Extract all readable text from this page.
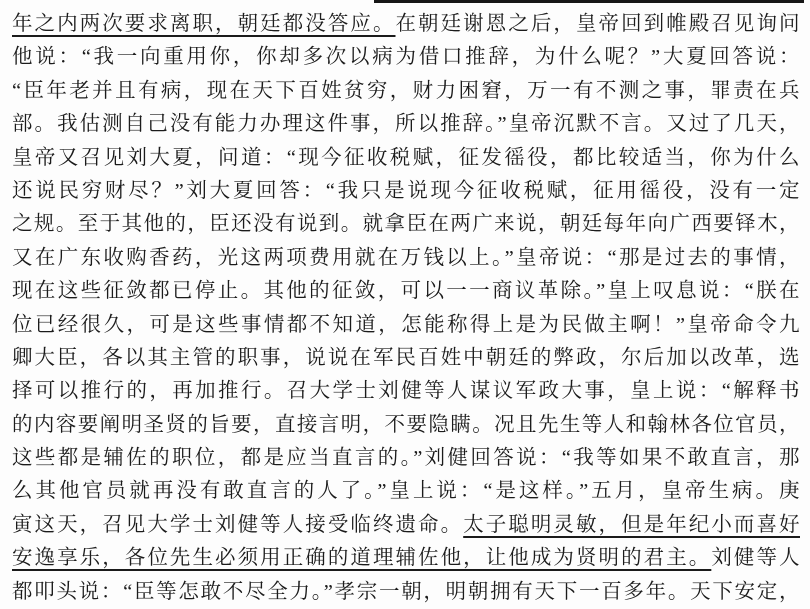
年之内两次要求离职，朝廷都没答应。在朝廷谢恩之后，皇帝回到帷殿召见询问
他说：“我一向重用你，你却多次以病为借口推辞，为什么呢？”大夏回答说：
“臣年老并且有病，现在天下百姓贫穷，财力困窘，万一有不测之事，罪责在兵
部。我估测自己没有能力办理这件事，所以推辞。”皇帝沉默不言。又过了几天，
皇帝又召见刘大夏，问道：“现今征收税赋，征发徭役，都比较适当，你为什么
还说民穷财尽？”刘大夏回答：“我只是说现今征收税赋，征用徭役，没有一定
之规。至于其他的，臣还没有说到。就拿臣在两广来说，朝廷每年向广西要铎木，
又在广东收购香药，光这两项费用就在万钱以上。”皇帝说：“那是过去的事情，
现在这些征敛都已停止。其他的征敛，可以一一商议革除。”皇上叹息说：“朕在
位已经很久，可是这些事情都不知道，怎能称得上是为民做主啊！”皇帝命令九
卿大臣，各以其主管的职事，说说在军民百姓中朝廷的弊政，尔后加以改革，选
择可以推行的，再加推行。召大学士刘健等人谋议军政大事，皇上说：“解释书
的内容要阐明圣贤的旨要，直接言明，不要隐瞒。况且先生等人和翰林各位官员，
这些都是辅佐的职位，都是应当直言的。”刘健回答说：“我等如果不敢直言，那
么其他官员就再没有敢直言的人了。”皇上说：“是这样。”五月，皇帝生病。庚
寅这天，召见大学士刘健等人接受临终遗命。太子聪明灵敏，但是年纪小而喜好
安逸享乐，各位先生必须用正确的道理辅佐他，让他成为贤明的君主。刘健等人
都叩头说：“臣等怎敢不尽全力。”孝宗一朝，明朝拥有天下一百多年。天下安定，
